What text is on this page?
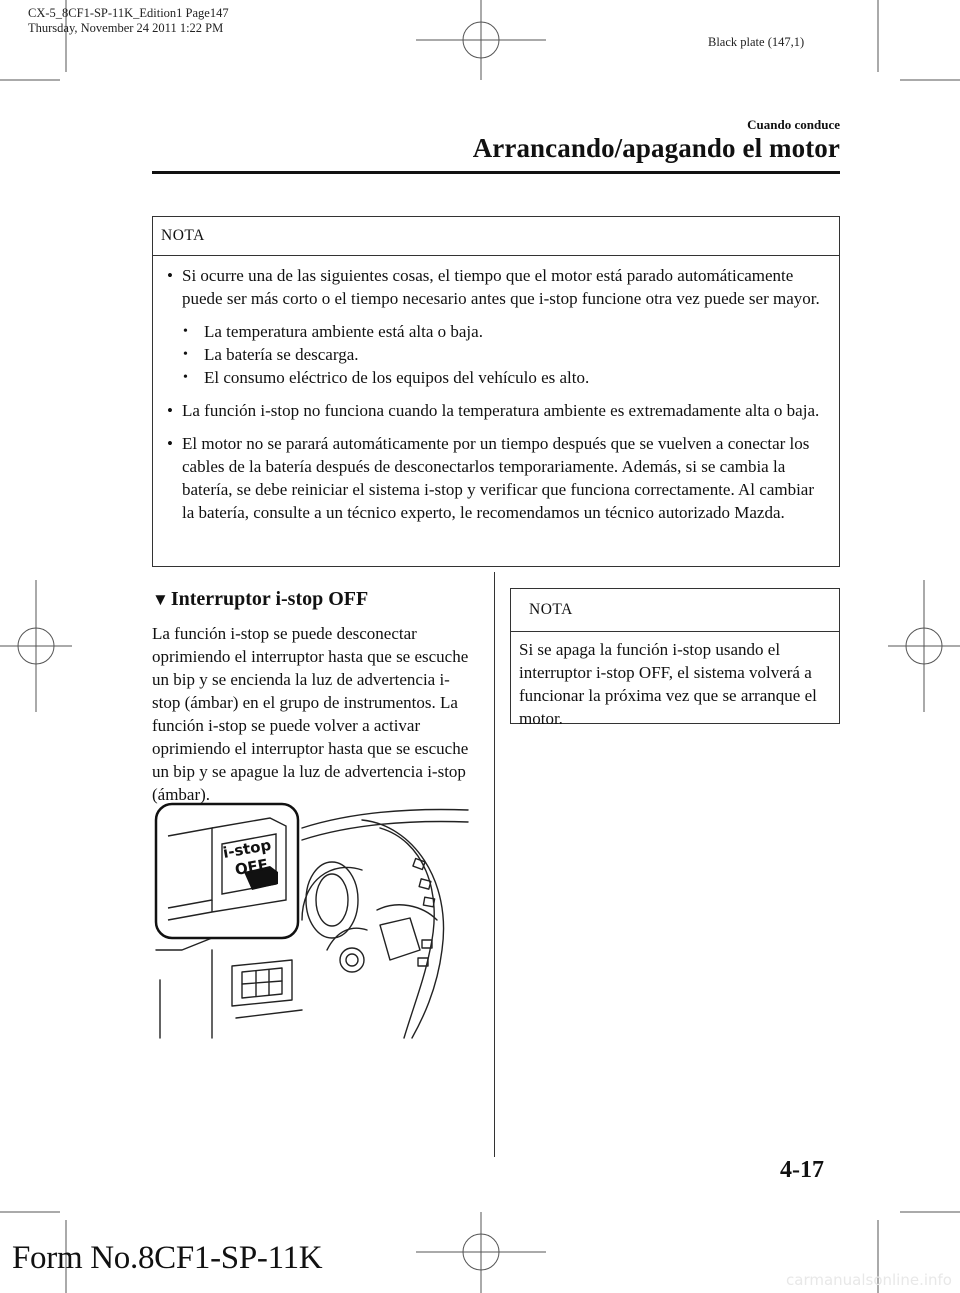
CX-5_8CF1-SP-11K_Edition1 Page147
Thursday, November 24 2011 1:22 PM
Black plate (147,1)
Cuando conduce
Arrancando/apagando el motor
NOTA

• Si ocurre una de las siguientes cosas, el tiempo que el motor está parado automáticamente puede ser más corto o el tiempo necesario antes que i-stop funcione otra vez puede ser mayor.

• La temperatura ambiente está alta o baja.

• La batería se descarga.

• El consumo eléctrico de los equipos del vehículo es alto.

• La función i-stop no funciona cuando la temperatura ambiente es extremadamente alta o baja.

• El motor no se parará automáticamente por un tiempo después que se vuelven a conectar los cables de la batería después de desconectarlos temporariamente. Además, si se cambia la batería, se debe reiniciar el sistema i-stop y verificar que funciona correctamente. Al cambiar la batería, consulte a un técnico experto, le recomendamos un técnico autorizado Mazda.

▼ Interruptor i-stop OFF
La función i-stop se puede desconectar oprimiendo el interruptor hasta que se escuche un bip y se encienda la luz de advertencia i-stop (ámbar) en el grupo de instrumentos. La función i-stop se puede volver a activar oprimiendo el interruptor hasta que se escuche un bip y se apague la luz de advertencia i-stop (ámbar).
NOTA
Si se apaga la función i-stop usando el interruptor i-stop OFF, el sistema volverá a funcionar la próxima vez que se arranque el motor.
i-stop
OFF
4-17
Form No.8CF1-SP-11K
carmanualsonline.info
